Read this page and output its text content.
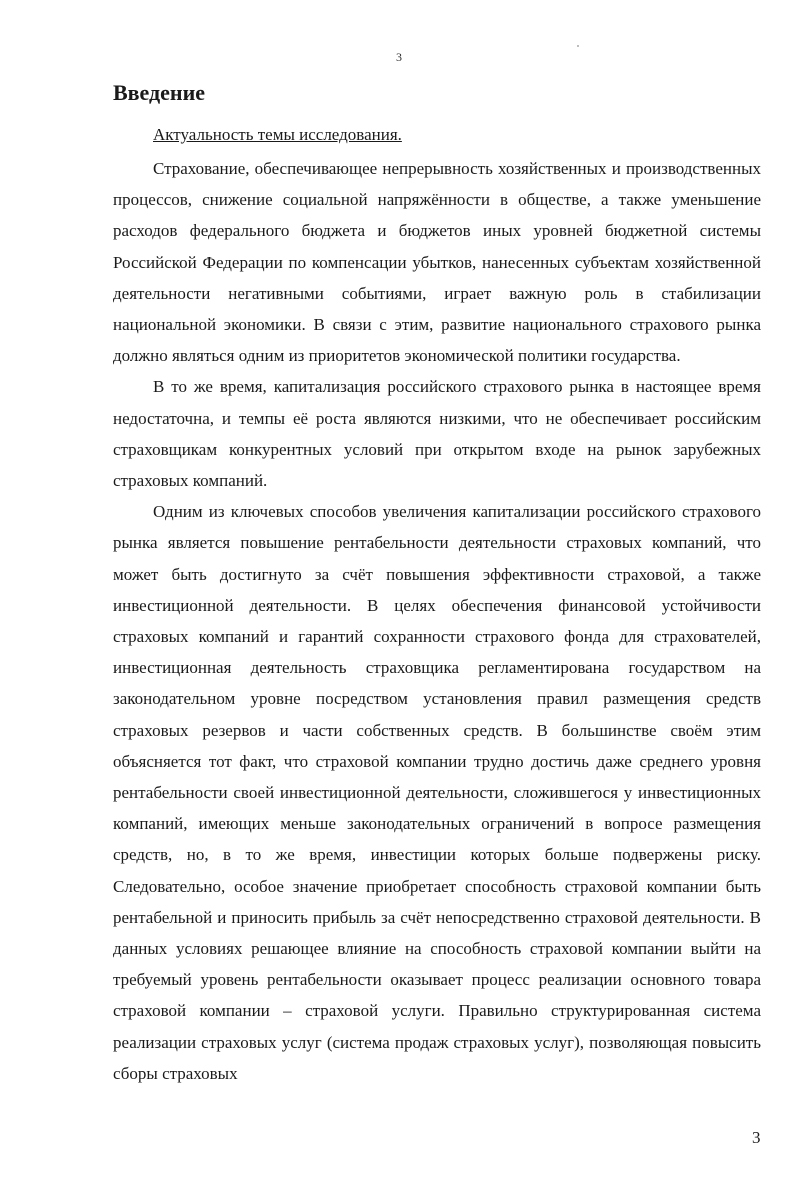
3
Введение
Актуальность темы исследования.

Страхование, обеспечивающее непрерывность хозяйственных и производственных процессов, снижение социальной напряжённости в обществе, а также уменьшение расходов федерального бюджета и бюджетов иных уровней бюджетной системы Российской Федерации по компенсации убытков, нанесенных субъектам хозяйственной деятельности негативными событиями, играет важную роль в стабилизации национальной экономики. В связи с этим, развитие национального страхового рынка должно являться одним из приоритетов экономической политики государства.

В то же время, капитализация российского страхового рынка в настоящее время недостаточна, и темпы её роста являются низкими, что не обеспечивает российским страховщикам конкурентных условий при открытом входе на рынок зарубежных страховых компаний.

Одним из ключевых способов увеличения капитализации российского страхового рынка является повышение рентабельности деятельности страховых компаний, что может быть достигнуто за счёт повышения эффективности страховой, а также инвестиционной деятельности. В целях обеспечения финансовой устойчивости страховых компаний и гарантий сохранности страхового фонда для страхователей, инвестиционная деятельность страховщика регламентирована государством на законодательном уровне посредством установления правил размещения средств страховых резервов и части собственных средств. В большинстве своём этим объясняется тот факт, что страховой компании трудно достичь даже среднего уровня рентабельности своей инвестиционной деятельности, сложившегося у инвестиционных компаний, имеющих меньше законодательных ограничений в вопросе размещения средств, но, в то же время, инвестиции которых больше подвержены риску. Следовательно, особое значение приобретает способность страховой компании быть рентабельной и приносить прибыль за счёт непосредственно страховой деятельности. В данных условиях решающее влияние на способность страховой компании выйти на требуемый уровень рентабельности оказывает процесс реализации основного товара страховой компании – страховой услуги. Правильно структурированная система реализации страховых услуг (система продаж страховых услуг), позволяющая повысить сборы страховых

3
